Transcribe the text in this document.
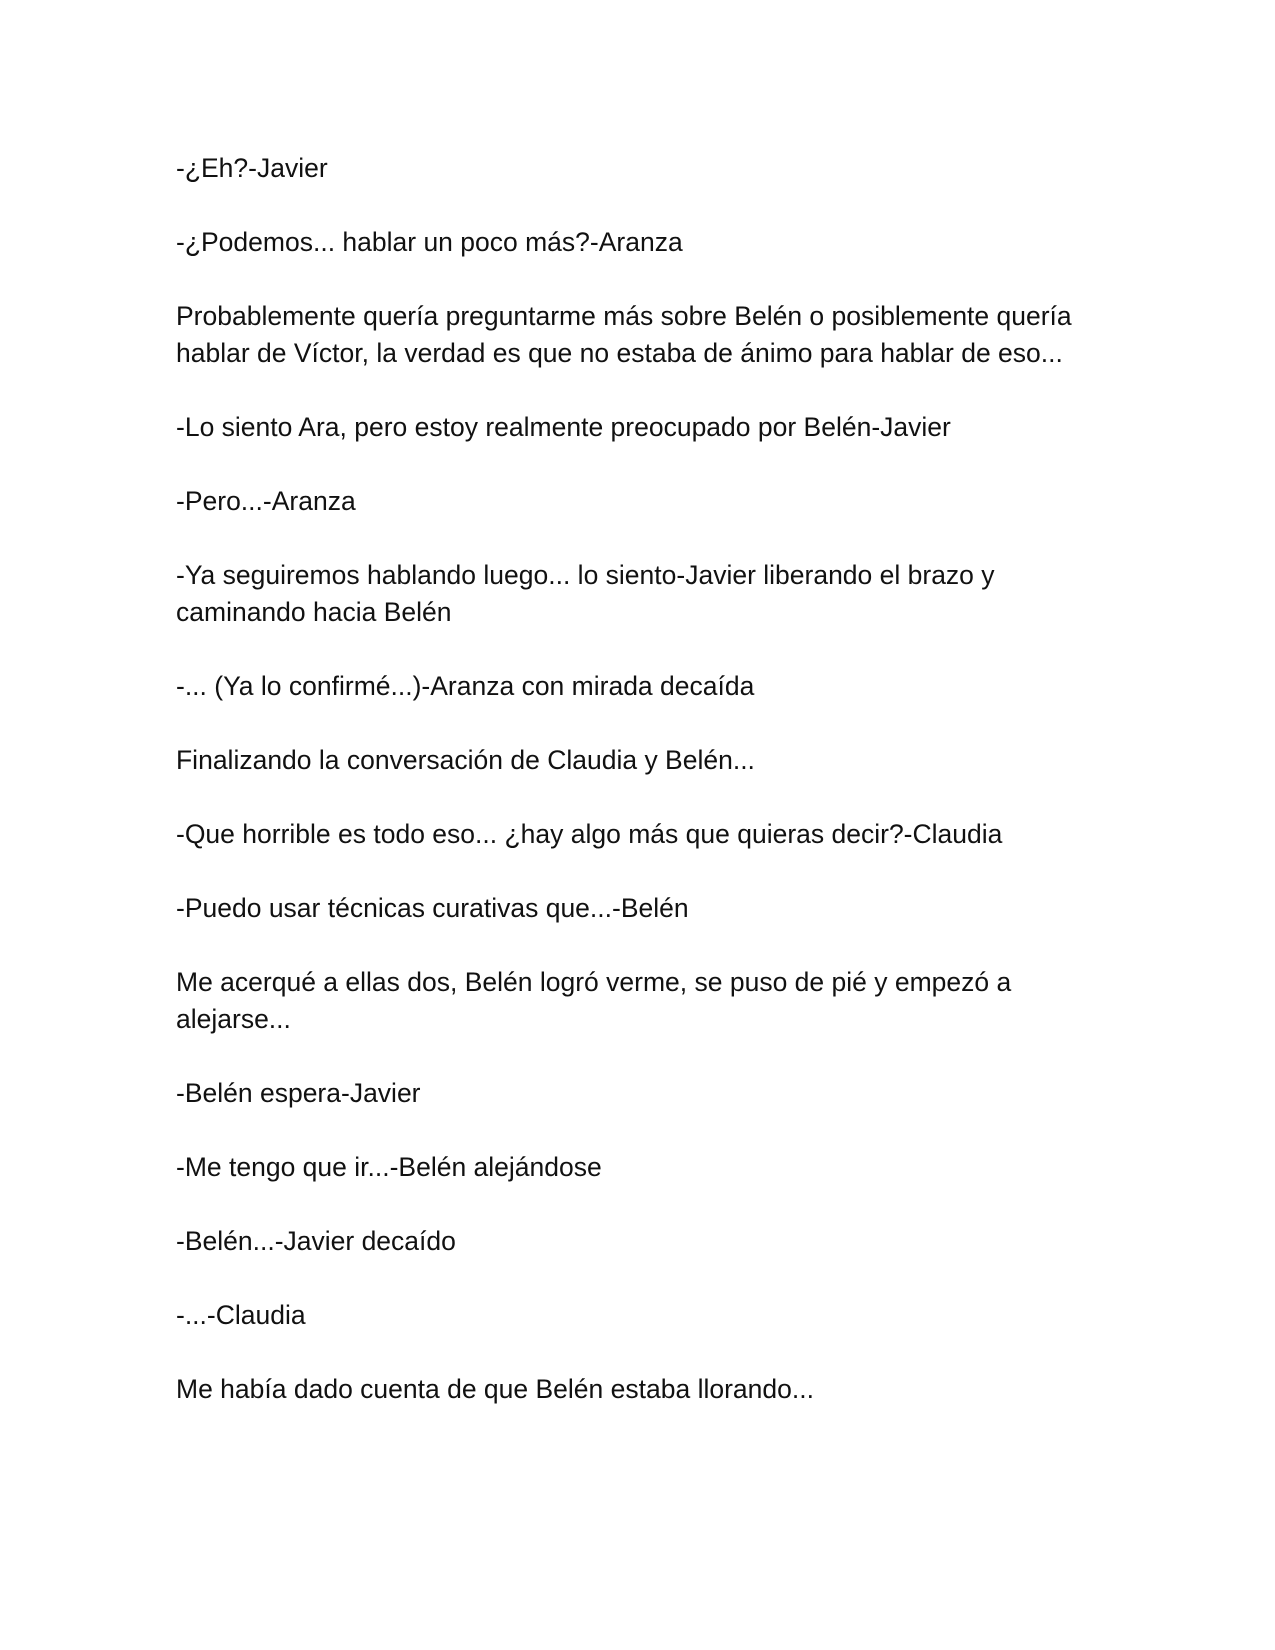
-¿Eh?-Javier

-¿Podemos... hablar un poco más?-Aranza

Probablemente quería preguntarme más sobre Belén o posiblemente quería hablar de Víctor, la verdad es que no estaba de ánimo para hablar de eso...

-Lo siento Ara, pero estoy realmente preocupado por Belén-Javier

-Pero...-Aranza

-Ya seguiremos hablando luego... lo siento-Javier liberando el brazo y caminando hacia Belén

-... (Ya lo confirmé...)-Aranza con mirada decaída

Finalizando la conversación de Claudia y Belén...

-Que horrible es todo eso... ¿hay algo más que quieras decir?-Claudia

-Puedo usar técnicas curativas que...-Belén

Me acerqué a ellas dos, Belén logró verme, se puso de pié y empezó a alejarse...

-Belén espera-Javier

-Me tengo que ir...-Belén alejándose

-Belén...-Javier decaído

-...-Claudia

Me había dado cuenta de que Belén estaba llorando...
